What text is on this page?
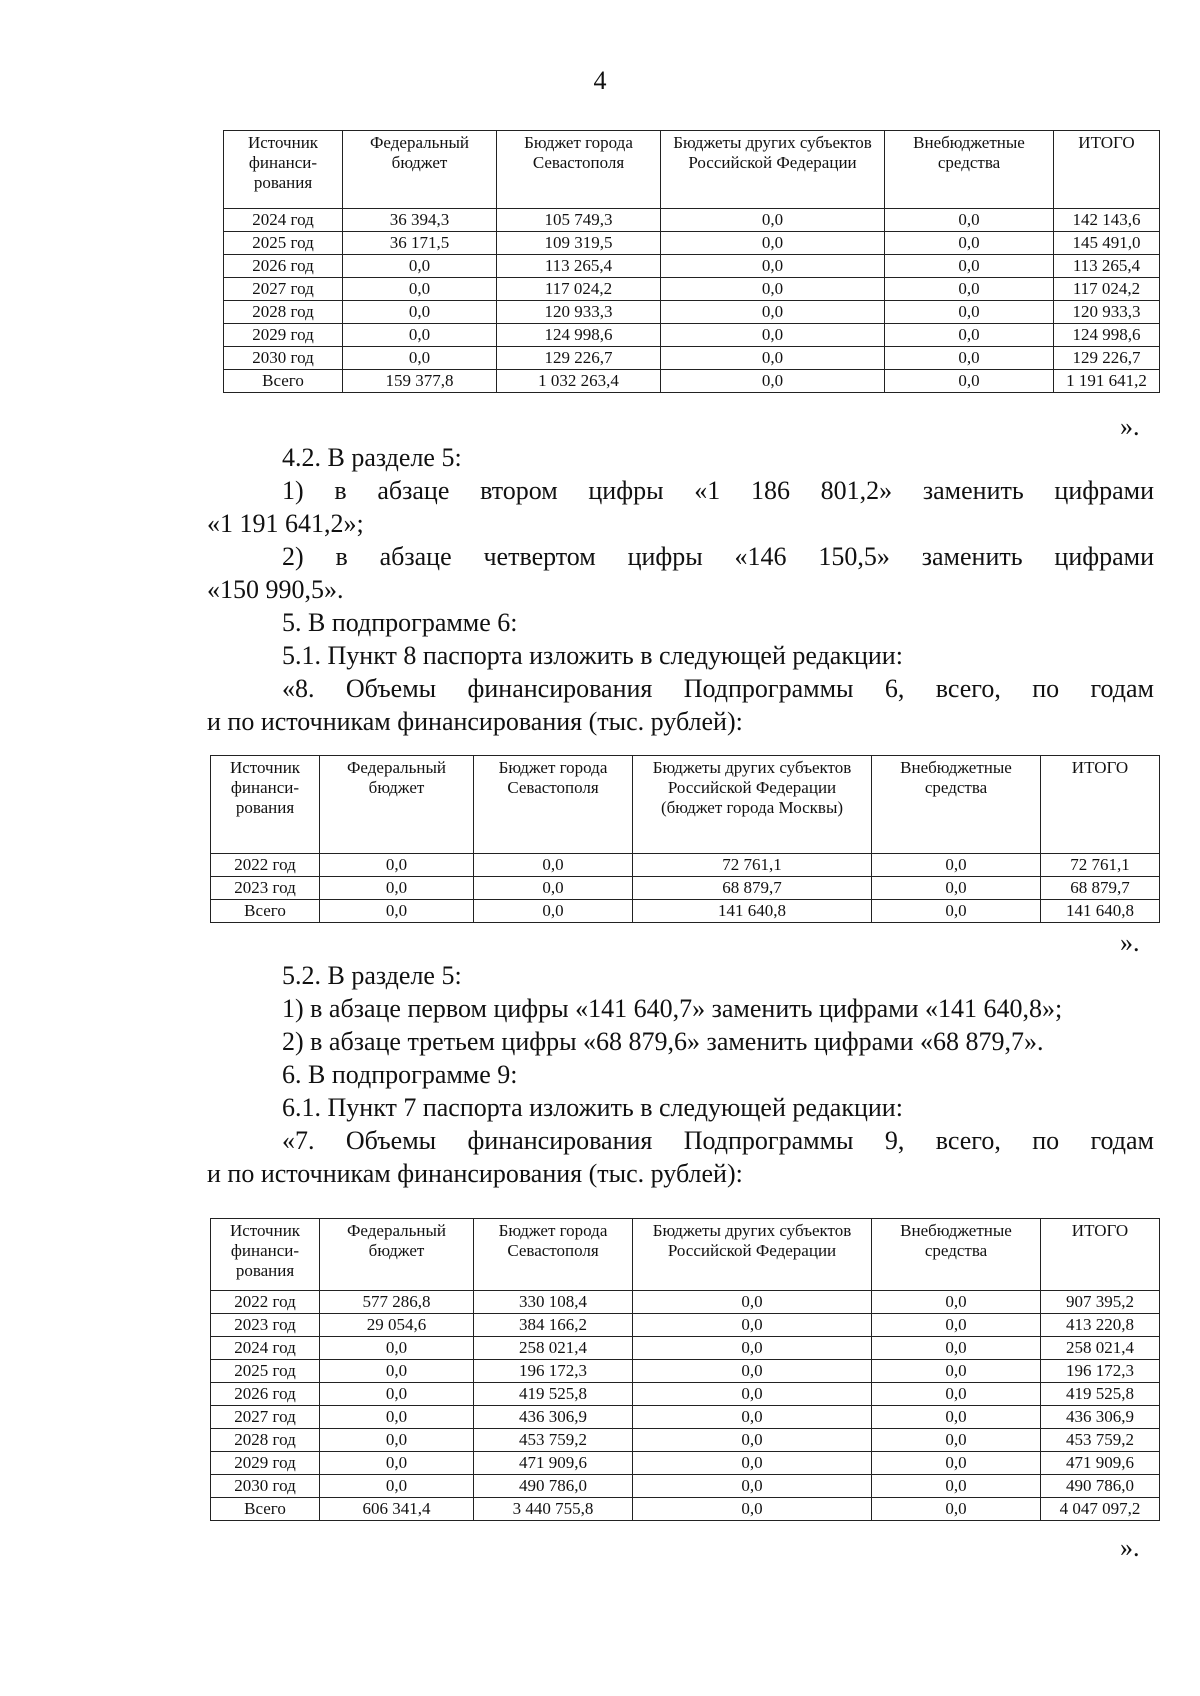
4
Источник финанси-рования	Федеральный бюджет	Бюджет города Севастополя	Бюджеты других субъектов Российской Федерации	Внебюджетные средства	ИТОГО
2024 год	36 394,3	105 749,3	0,0	0,0	142 143,6
2025 год	36 171,5	109 319,5	0,0	0,0	145 491,0
2026 год	0,0	113 265,4	0,0	0,0	113 265,4
2027 год	0,0	117 024,2	0,0	0,0	117 024,2
2028 год	0,0	120 933,3	0,0	0,0	120 933,3
2029 год	0,0	124 998,6	0,0	0,0	124 998,6
2030 год	0,0	129 226,7	0,0	0,0	129 226,7
Всего	159 377,8	1 032 263,4	0,0	0,0	1 191 641,2
».
4.2. В разделе 5:
1) в абзаце втором цифры «1 186 801,2» заменить цифрами
«1 191 641,2»;
2) в абзаце четвертом цифры «146 150,5» заменить цифрами
«150 990,5».
5. В подпрограмме 6:
5.1. Пункт 8 паспорта изложить в следующей редакции:
«8. Объемы финансирования Подпрограммы 6, всего, по годам
и по источникам финансирования (тыс. рублей):
Источник финанси-рования	Федеральный бюджет	Бюджет города Севастополя	Бюджеты других субъектов Российской Федерации (бюджет города Москвы)	Внебюджетные средства	ИТОГО
2022 год	0,0	0,0	72 761,1	0,0	72 761,1
2023 год	0,0	0,0	68 879,7	0,0	68 879,7
Всего	0,0	0,0	141 640,8	0,0	141 640,8
».
5.2. В разделе 5:
1) в абзаце первом цифры «141 640,7» заменить цифрами «141 640,8»;
2) в абзаце третьем цифры «68 879,6» заменить цифрами «68 879,7».
6. В подпрограмме 9:
6.1. Пункт 7 паспорта изложить в следующей редакции:
«7. Объемы финансирования Подпрограммы 9, всего, по годам
и по источникам финансирования (тыс. рублей):
Источник финанси-рования	Федеральный бюджет	Бюджет города Севастополя	Бюджеты других субъектов Российской Федерации	Внебюджетные средства	ИТОГО
2022 год	577 286,8	330 108,4	0,0	0,0	907 395,2
2023 год	29 054,6	384 166,2	0,0	0,0	413 220,8
2024 год	0,0	258 021,4	0,0	0,0	258 021,4
2025 год	0,0	196 172,3	0,0	0,0	196 172,3
2026 год	0,0	419 525,8	0,0	0,0	419 525,8
2027 год	0,0	436 306,9	0,0	0,0	436 306,9
2028 год	0,0	453 759,2	0,0	0,0	453 759,2
2029 год	0,0	471 909,6	0,0	0,0	471 909,6
2030 год	0,0	490 786,0	0,0	0,0	490 786,0
Всего	606 341,4	3 440 755,8	0,0	0,0	4 047 097,2
».
